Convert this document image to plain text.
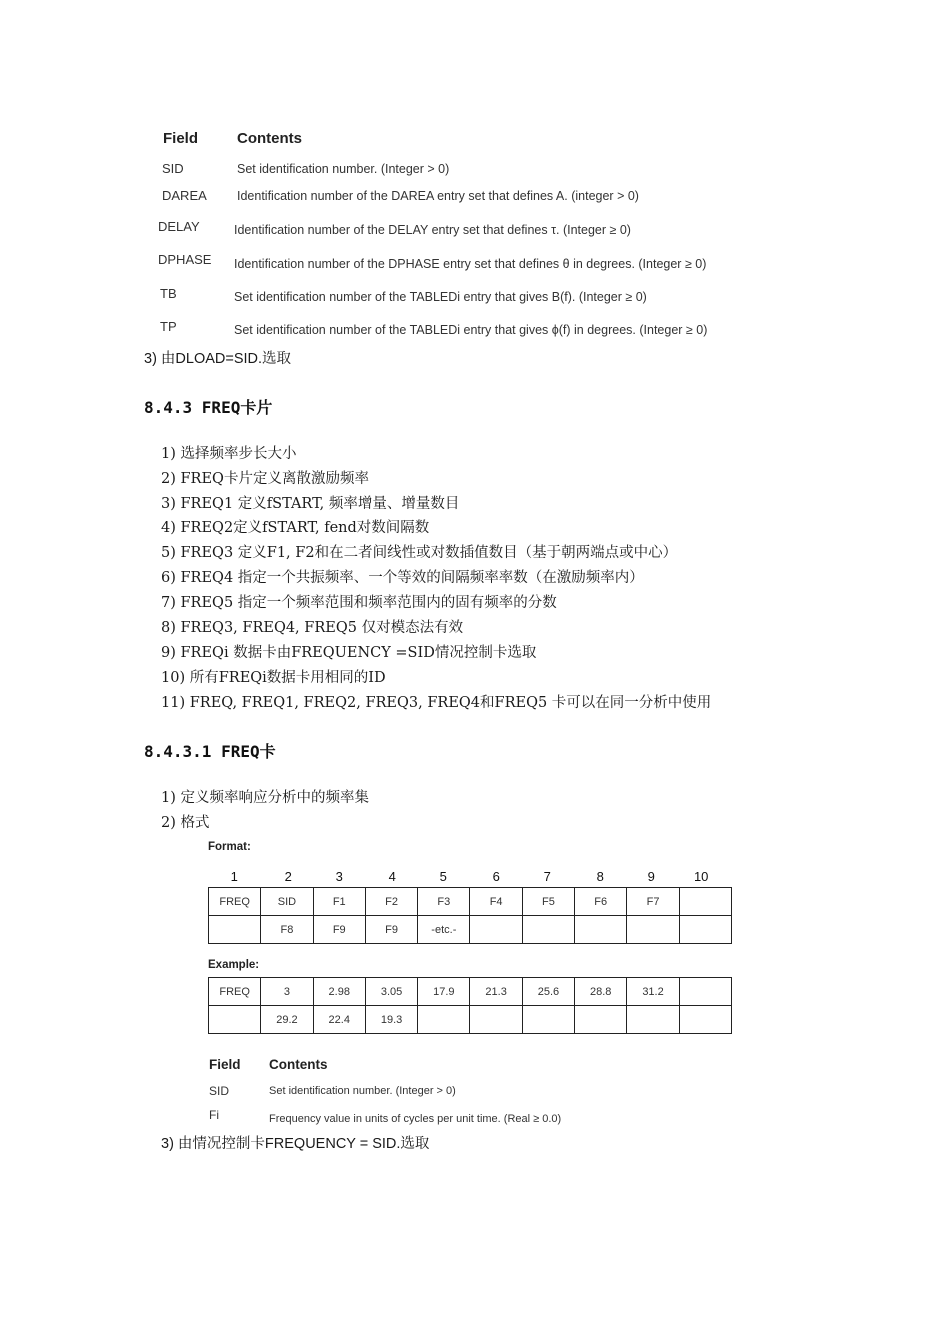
Field	Contents
SID	Set identification number. (Integer > 0)
DAREA Identification number of the DAREA entry set that defines A. (integer > 0)
DELAY	Identification number of the DELAY entry set that defines τ. (Integer ≥ 0)
DPHASE Identification number of the DPHASE entry set that defines θ in degrees. (Integer ≥ 0)
TB	Set identification number of the TABLEDi entry that gives B(f). (Integer ≥ 0)
TP	Set identification number of the TABLEDi entry that gives ϕ(f) in degrees. (Integer ≥ 0)
3) 由DLOAD=SID.选取
8.4.3 FREQ卡片
1) 选择频率步长大小
2) FREQ卡片定义离散激励频率
3) FREQ1 定义fSTART, 频率增量、增量数目
4) FREQ2定义fSTART, fend对数间隔数
5) FREQ3 定义F1, F2和在二者间线性或对数插值数目（基于朝两端点或中心）
6) FREQ4 指定一个共振频率、一个等效的间隔频率率数（在激励频率内）
7) FREQ5 指定一个频率范围和频率范围内的固有频率的分数
8) FREQ3, FREQ4, FREQ5 仅对模态法有效
9) FREQi 数据卡由FREQUENCY =SID情况控制卡选取
10) 所有FREQi数据卡用相同的ID
11) FREQ, FREQ1, FREQ2, FREQ3, FREQ4和FREQ5 卡可以在同一分析中使用
8.4.3.1 FREQ卡
1) 定义频率响应分析中的频率集
2) 格式
Format:
1	2	3	4	5	6	7	8	9	10
FREQ	SID	F1	F2	F3	F4	F5	F6	F7	
	F8	F9	F9	-etc.-					
Example:
FREQ	3	2.98	3.05	17.9	21.3	25.6	28.8	31.2	
	29.2	22.4	19.3						
Field Contents
SID	Set identification number. (Integer > 0)
Fi	Frequency value in units of cycles per unit time. (Real ≥ 0.0)
3) 由情况控制卡FREQUENCY = SID.选取
